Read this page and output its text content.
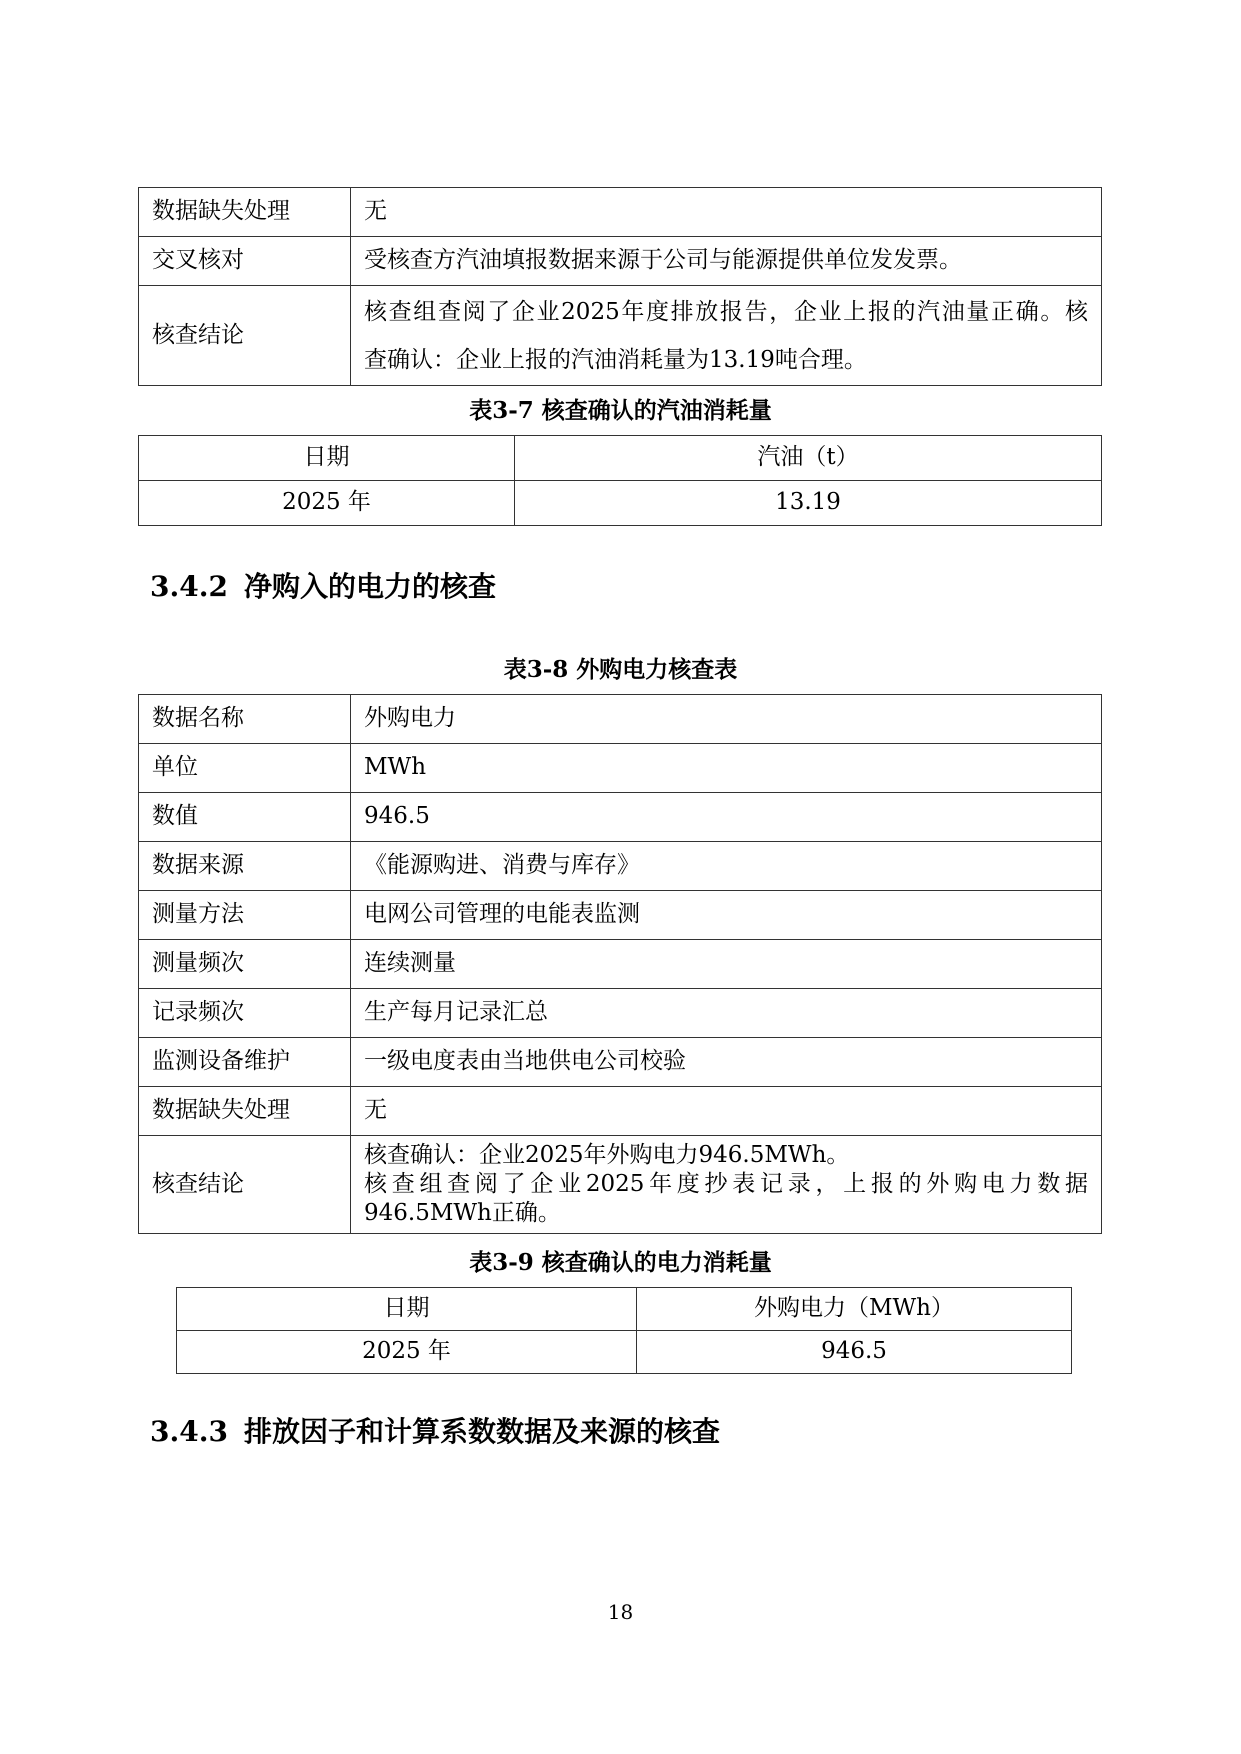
数据缺失处理	无
交叉核对	受核查方汽油填报数据来源于公司与能源提供单位发发票。
核查结论	核查组查阅了企业2025年度排放报告，企业上报的汽油量正确。核
查确认：企业上报的汽油消耗量为13.19吨合理。
表3-7 核查确认的汽油消耗量
日期	汽油（t）
2025 年	13.19
3.4.2 净购入的电力的核查
表3-8 外购电力核查表
数据名称	外购电力
单位	MWh
数值	946.5
数据来源	《能源购进、消费与库存》
测量方法	电网公司管理的电能表监测
测量频次	连续测量
记录频次	生产每月记录汇总
监测设备维护	一级电度表由当地供电公司校验
数据缺失处理	无
核查结论	核查确认：企业2025年外购电力946.5MWh。
核查组查阅了企业2025年度抄表记录，上报的外购电力数据
946.5MWh正确。
表3-9 核查确认的电力消耗量
日期	外购电力（MWh）
2025 年	946.5
3.4.3 排放因子和计算系数数据及来源的核查
18
